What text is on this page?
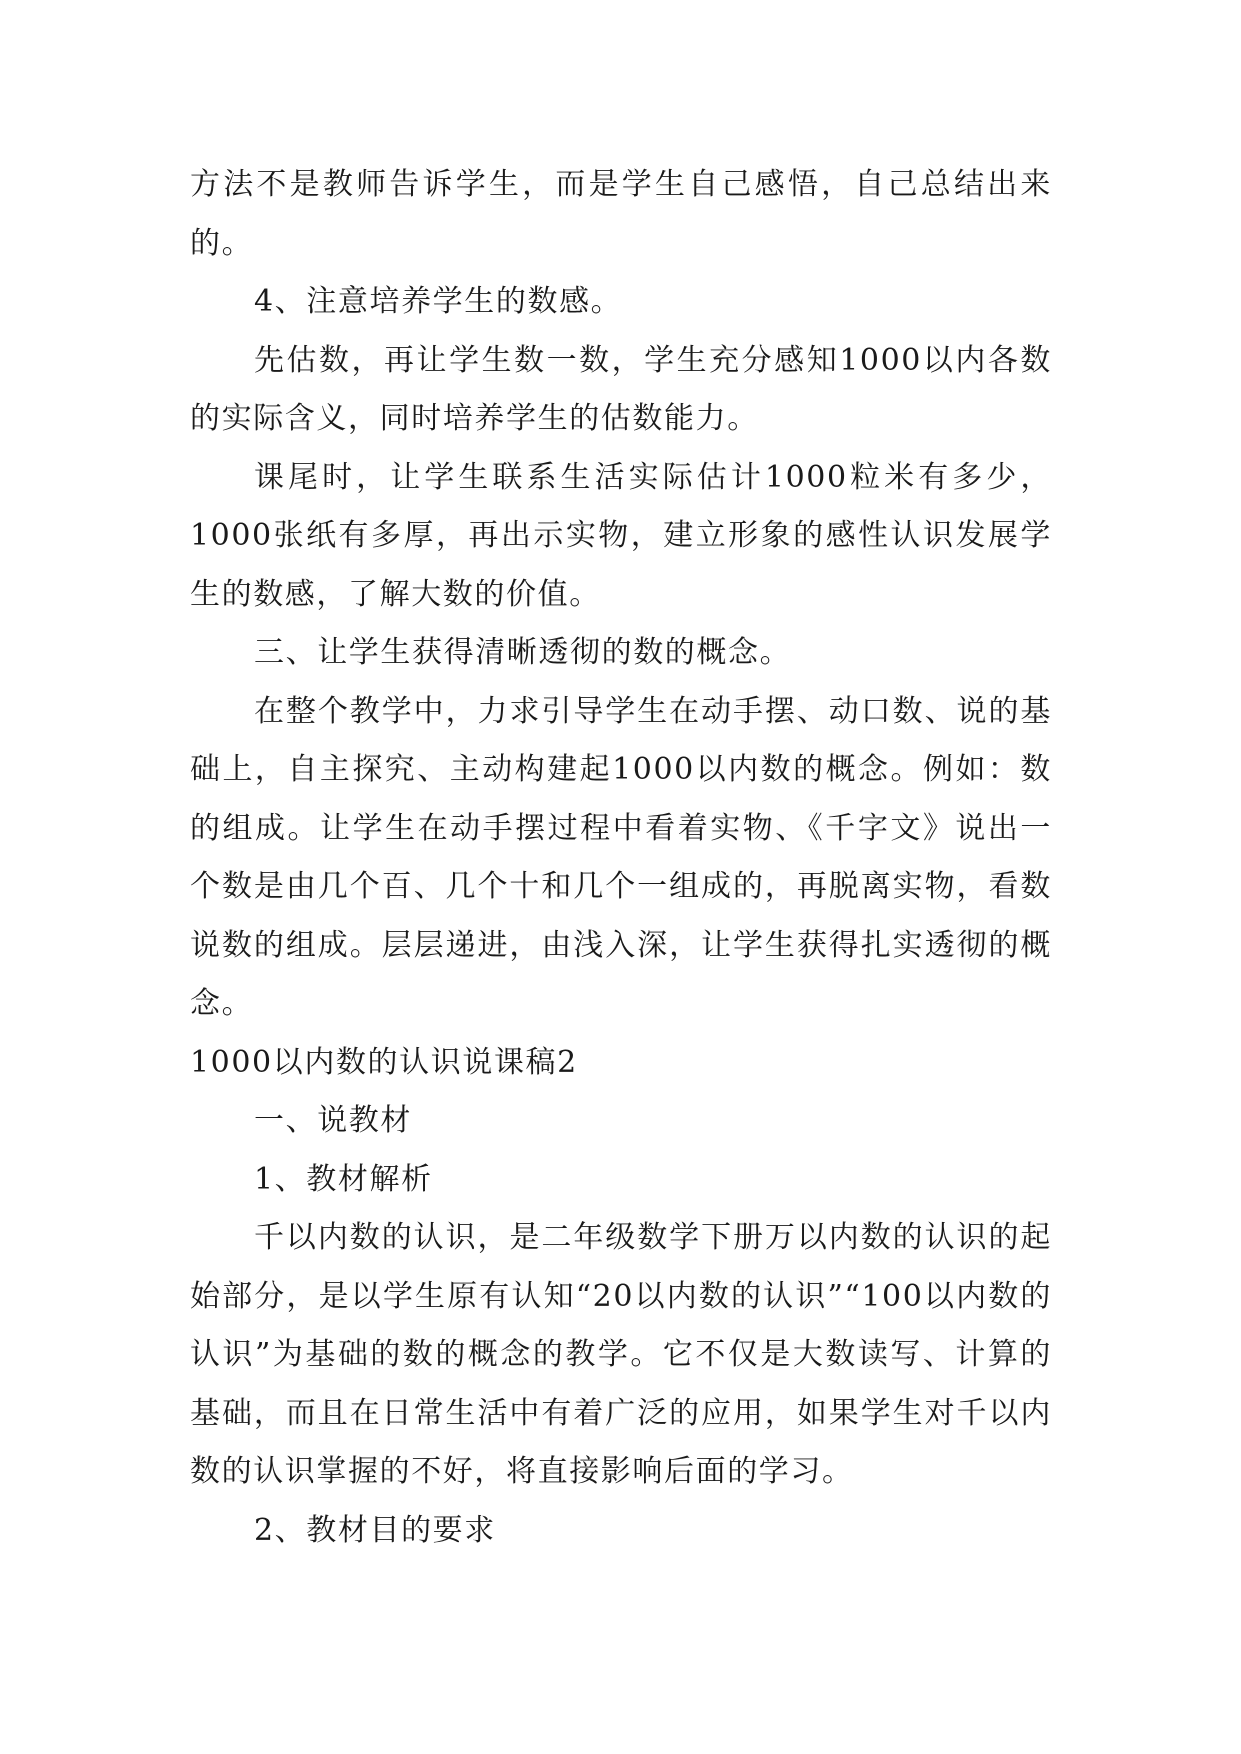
方法不是教师告诉学生，而是学生自己感悟，自己总结出来的。

4、注意培养学生的数感。

先估数，再让学生数一数，学生充分感知1000以内各数的实际含义，同时培养学生的估数能力。

课尾时，让学生联系生活实际估计1000粒米有多少，1000张纸有多厚，再出示实物，建立形象的感性认识发展学生的数感，了解大数的价值。

三、让学生获得清晰透彻的数的概念。

在整个教学中，力求引导学生在动手摆、动口数、说的基础上，自主探究、主动构建起1000以内数的概念。例如：数的组成。让学生在动手摆过程中看着实物、《千字文》说出一个数是由几个百、几个十和几个一组成的，再脱离实物，看数说数的组成。层层递进，由浅入深，让学生获得扎实透彻的概念。

1000以内数的认识说课稿2

一、说教材

1、教材解析

千以内数的认识，是二年级数学下册万以内数的认识的起始部分，是以学生原有认知“20以内数的认识”“100以内数的认识”为基础的数的概念的教学。它不仅是大数读写、计算的基础，而且在日常生活中有着广泛的应用，如果学生对千以内数的认识掌握的不好，将直接影响后面的学习。

2、教材目的要求
